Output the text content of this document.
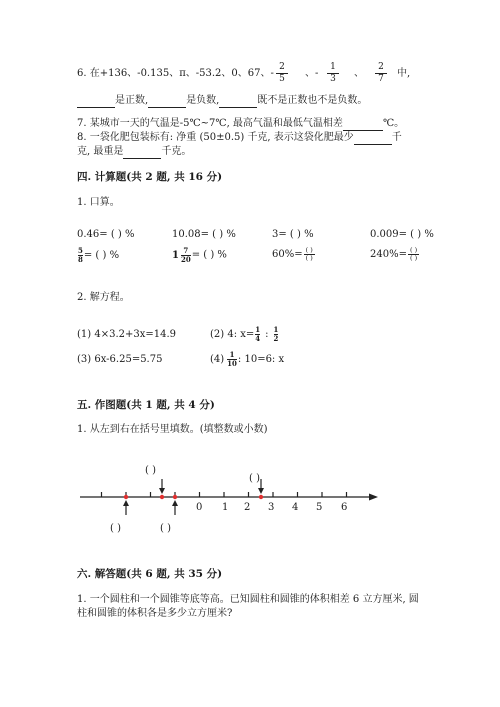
6. 在+136、-0.135、π、-53.2、0、67、- $\frac{2}{5}$ 、- $\frac{1}{3}$ 、 $\frac{2}{7}$ 中,
是正数,	是负数,	既不是正数也不是负数。
7. 某城市一天的气温是-5℃~7℃, 最高气温和最低气温相差	℃。
8. 一袋化肥包装标有: 净重 (50±0.5) 千克, 表示这袋化肥最少	千
克, 最重是	千克。
四. 计算题(共 2 题, 共 16 分)
1. 口算。
0.46= ( ) %	10.08= ( ) %	3= ( ) %	0.009= ( ) %
$\frac{5}{8}$ = ( ) %	$1 \frac{7}{20}$ = ( ) %	$60\%= \frac{( )}{( )}$	$240\%= \frac{( )}{( )}$
2. 解方程。
(1) 4×3.2+3x=14.9	(2) 4: $x= \frac{1}{4}$ : $\frac{1}{2}$
(3) 6x-6.25=5.75	$(4) \frac{1}{10}$ : 10=6: x
五. 作图题(共 1 题, 共 4 分)
1. 从左到右在括号里填数。(填整数或小数)
( )
( )
( )	( )
0 1 2 3 4 5 6
六. 解答题(共 6 题, 共 35 分)
1. 一个圆柱和一个圆锥等底等高。已知圆柱和圆锥的体积相差 6 立方厘米, 圆
柱和圆锥的体积各是多少立方厘米?
